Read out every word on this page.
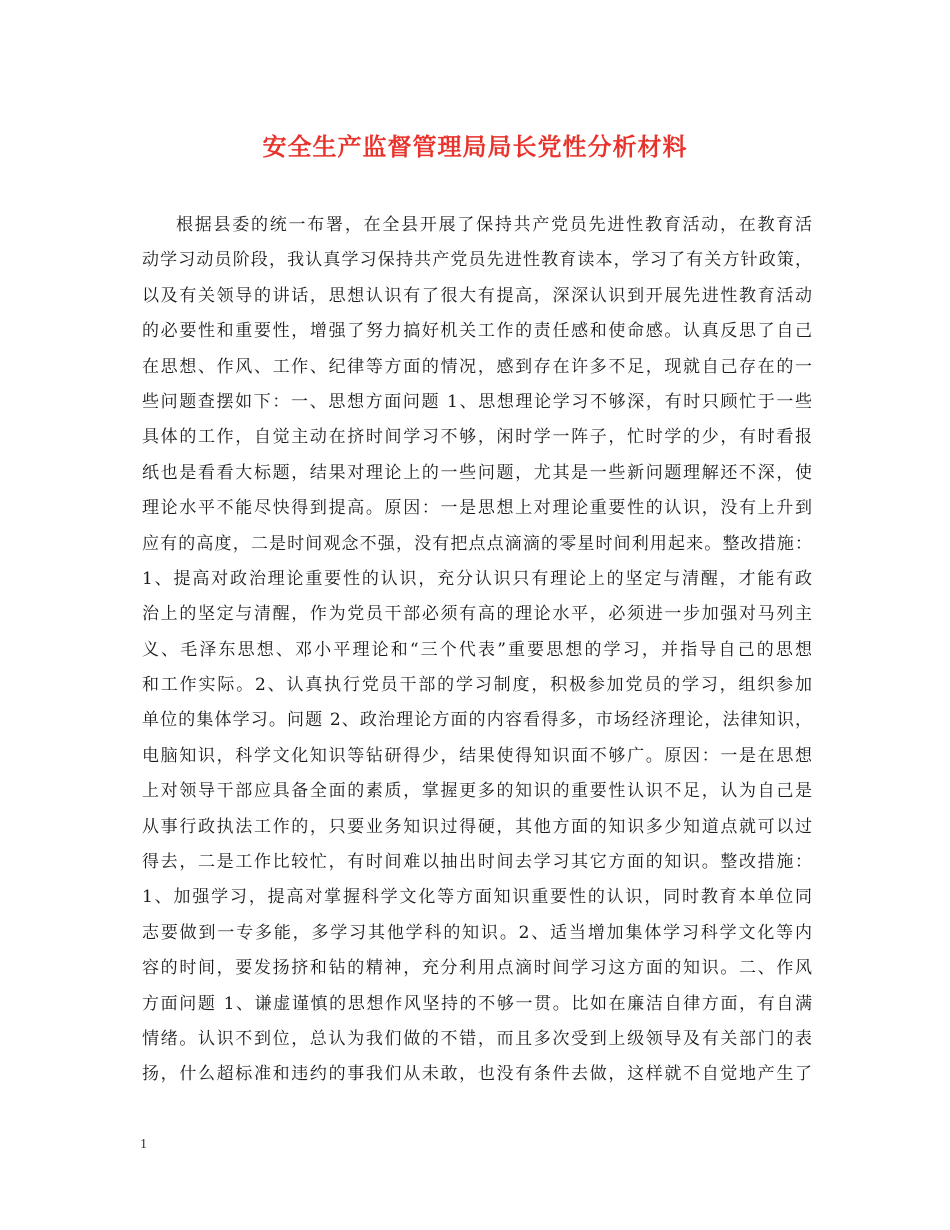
安全生产监督管理局局长党性分析材料
根据县委的统一布署，在全县开展了保持共产党员先进性教育活动，在教育活
动学习动员阶段，我认真学习保持共产党员先进性教育读本，学习了有关方针政策，
以及有关领导的讲话，思想认识有了很大有提高，深深认识到开展先进性教育活动
的必要性和重要性，增强了努力搞好机关工作的责任感和使命感。认真反思了自己
在思想、作风、工作、纪律等方面的情况，感到存在许多不足，现就自己存在的一
些问题查摆如下：一、思想方面问题 1、思想理论学习不够深，有时只顾忙于一些
具体的工作，自觉主动在挤时间学习不够，闲时学一阵子，忙时学的少，有时看报
纸也是看看大标题，结果对理论上的一些问题，尤其是一些新问题理解还不深，使
理论水平不能尽快得到提高。原因：一是思想上对理论重要性的认识，没有上升到
应有的高度，二是时间观念不强，没有把点点滴滴的零星时间利用起来。整改措施：
1、提高对政治理论重要性的认识，充分认识只有理论上的坚定与清醒，才能有政
治上的坚定与清醒，作为党员干部必须有高的理论水平，必须进一步加强对马列主
义、毛泽东思想、邓小平理论和“三个代表”重要思想的学习，并指导自己的思想
和工作实际。2、认真执行党员干部的学习制度，积极参加党员的学习，组织参加
单位的集体学习。问题 2、政治理论方面的内容看得多，市场经济理论，法律知识，
电脑知识，科学文化知识等钻研得少，结果使得知识面不够广。原因：一是在思想
上对领导干部应具备全面的素质，掌握更多的知识的重要性认识不足，认为自己是
从事行政执法工作的，只要业务知识过得硬，其他方面的知识多少知道点就可以过
得去，二是工作比较忙，有时间难以抽出时间去学习其它方面的知识。整改措施：
1、加强学习，提高对掌握科学文化等方面知识重要性的认识，同时教育本单位同
志要做到一专多能，多学习其他学科的知识。2、适当增加集体学习科学文化等内
容的时间，要发扬挤和钻的精神，充分利用点滴时间学习这方面的知识。二、作风
方面问题 1、谦虚谨慎的思想作风坚持的不够一贯。比如在廉洁自律方面，有自满
情绪。认识不到位，总认为我们做的不错，而且多次受到上级领导及有关部门的表
扬，什么超标准和违约的事我们从未敢，也没有条件去做，这样就不自觉地产生了
1
